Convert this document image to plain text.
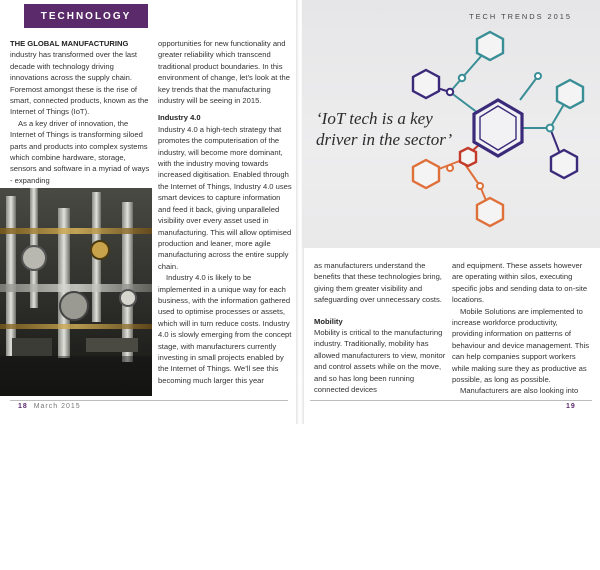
TECHNOLOGY

THE GLOBAL MANUFACTURING industry has transformed over the last decade with technology driving innovations across the supply chain. Foremost amongst these is the rise of smart, connected products, known as the Internet of Things (IoT).

As a key driver of innovation, the Internet of Things is transforming siloed parts and products into complex systems which combine hardware, storage, sensors and software in a myriad of ways - expanding

Industry 4.0 will change the manufacturing landscape

opportunities for new functionality and greater reliability which transcend traditional product boundaries. In this environment of change, let’s look at the key trends that the manufacturing industry will be seeing in 2015.

Industry 4.0

Industry 4.0 a high-tech strategy that promotes the computerisation of the industry, will become more dominant, with the industry moving towards increased digitisation. Enabled through the Internet of Things, Industry 4.0 uses smart devices to capture information and feed it back, giving unparalleled visibility over every asset used in manufacturing. This will allow optimised production and leaner, more agile manufacturing across the entire supply chain.

Industry 4.0 is likely to be implemented in a unique way for each business, with the information gathered used to optimise processes or assets, which will in turn reduce costs. Industry 4.0 is slowly emerging from the concept stage, with manufacturers currently investing in small projects enabled by the Internet of Things. We’ll see this becoming much larger this year

18 March 2015
TECH TRENDS 2015
‘IoT tech is a key driver in the sector’

as manufacturers understand the benefits that these technologies bring, giving them greater visibility and safeguarding over unnecessary costs.

Mobility

Mobility is critical to the manufacturing industry. Traditionally, mobility has allowed manufacturers to view, monitor and control assets while on the move, and so has long been running connected devices

and equipment. These assets however are operating within silos, executing specific jobs and sending data to on-site locations.

Mobile Solutions are implemented to increase workforce productivity, providing information on patterns of behaviour and device management. This can help companies support workers while making sure they as productive as possible, as long as possible.

Manufacturers are also looking into

19
